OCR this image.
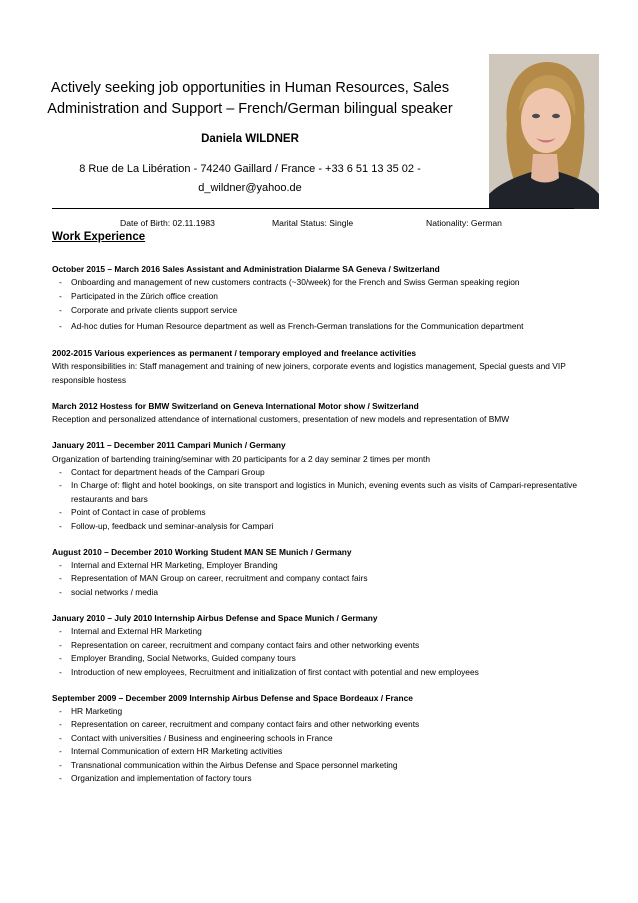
Actively seeking job opportunities in Human Resources, Sales
Administration and Support – French/German bilingual speaker
Daniela WILDNER
8 Rue de La Libération - 74240 Gaillard / France - +33 6 51 13 35 02 -
d_wildner@yahoo.de
Date of Birth: 02.11.1983	Marital Status: Single	Nationality: German
Work Experience
October 2015 – March 2016 Sales Assistant and Administration Dialarme SA Geneva / Switzerland
- Onboarding and management of new customers contracts (~30/week) for the French and Swiss German speaking region
- Participated in the Zürich office creation
- Corporate and private clients support service
- Ad-hoc duties for Human Resource department as well as French-German translations for the Communication department
2002-2015 Various experiences as permanent / temporary employed and freelance activities
With responsibilities in: Staff management and training of new joiners, corporate events and logistics management, Special guests and VIP responsible hostess
March 2012 Hostess for BMW Switzerland on Geneva International Motor show / Switzerland
Reception and personalized attendance of international customers, presentation of new models and representation of BMW
January 2011 – December 2011 Campari Munich / Germany
Organization of bartending training/seminar with 20 participants for a 2 day seminar 2 times per month
- Contact for department heads of the Campari Group
- In Charge of: flight and hotel bookings, on site transport and logistics in Munich, evening events such as visits of Campari-representative restaurants and bars
- Point of Contact in case of problems
- Follow-up, feedback und seminar-analysis for Campari
August 2010 – December 2010 Working Student MAN SE Munich / Germany
- Internal and External HR Marketing, Employer Branding
- Representation of MAN Group on career, recruitment and company contact fairs
- social networks / media
January 2010 – July 2010 Internship Airbus Defense and Space Munich / Germany
- Internal and External HR Marketing
- Representation on career, recruitment and company contact fairs and other networking events
- Employer Branding, Social Networks, Guided company tours
- Introduction of new employees, Recruitment and initialization of first contact with potential and new employees
September 2009 – December 2009 Internship Airbus Defense and Space Bordeaux / France
- HR Marketing
- Representation on career, recruitment and company contact fairs and other networking events
- Contact with universities / Business and engineering schools in France
- Internal Communication of extern HR Marketing activities
- Transnational communication within the Airbus Defense and Space personnel marketing
- Organization and implementation of factory tours
